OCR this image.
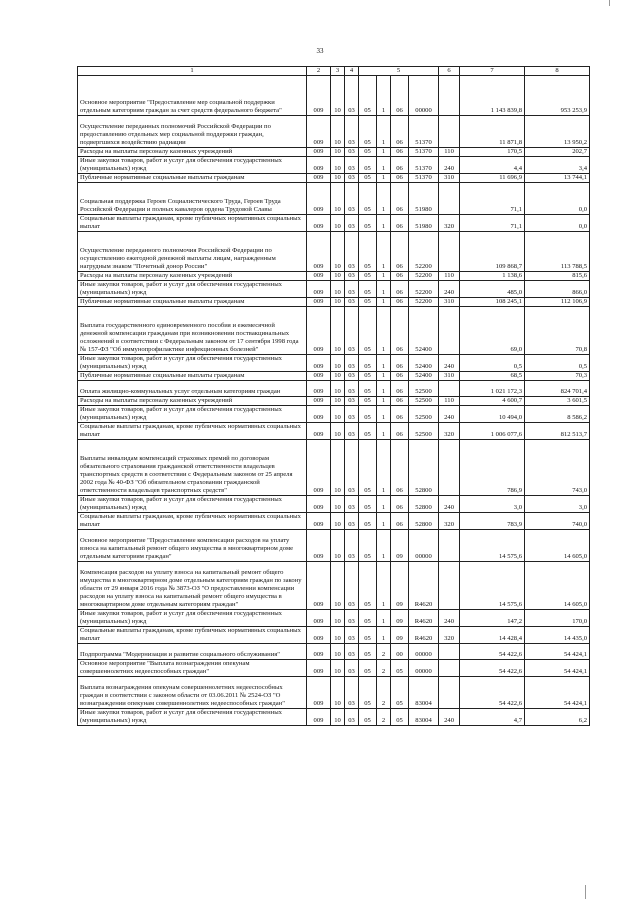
33
1	2	3	4	5				6	7	8
Основное мероприятие "Предоставление мер социальной поддержки отдельным категориям граждан за счет средств федерального бюджета"	009	10	03	05	1	06	00000		1 143 839,8	953 253,9
Осуществление переданных полномочий Российской Федерации по предоставлению отдельных мер социальной поддержки граждан, подвергшихся воздействию радиации	009	10	03	05	1	06	51370		11 871,8	13 950,2
Расходы на выплаты персоналу казенных учреждений	009	10	03	05	1	06	51370	110	170,5	202,7
Иные закупки товаров, работ и услуг для обеспечения государственных (муниципальных) нужд	009	10	03	05	1	06	51370	240	4,4	3,4
Публичные нормативные социальные выплаты гражданам	009	10	03	05	1	06	51370	310	11 696,9	13 744,1
Социальная поддержка Героев Социалистического Труда, Героев Труда Российской Федерации и полных кавалеров ордена Трудовой Славы	009	10	03	05	1	06	51980		71,1	0,0
Социальные выплаты гражданам, кроме публичных нормативных социальных выплат	009	10	03	05	1	06	51980	320	71,1	0,0
Осуществление переданного полномочия Российской Федерации по осуществлению ежегодной денежной выплаты лицам, награжденным нагрудным знаком "Почетный донор России"	009	10	03	05	1	06	52200		109 868,7	113 788,5
Расходы на выплаты персоналу казенных учреждений	009	10	03	05	1	06	52200	110	1 138,6	815,6
Иные закупки товаров, работ и услуг для обеспечения государственных (муниципальных) нужд	009	10	03	05	1	06	52200	240	485,0	866,0
Публичные нормативные социальные выплаты гражданам	009	10	03	05	1	06	52200	310	108 245,1	112 106,9
Выплата государственного единовременного пособия и ежемесячной денежной компенсации гражданам при возникновении поствакцинальных осложнений в соответствии с Федеральным законом от 17 сентября 1998 года № 157-ФЗ "Об иммунопрофилактике инфекционных болезней"	009	10	03	05	1	06	52400		69,0	70,8
Иные закупки товаров, работ и услуг для обеспечения государственных (муниципальных) нужд	009	10	03	05	1	06	52400	240	0,5	0,5
Публичные нормативные социальные выплаты гражданам	009	10	03	05	1	06	52400	310	68,5	70,3
Оплата жилищно-коммунальных услуг отдельным категориям граждан	009	10	03	05	1	06	52500		1 021 172,3	824 701,4
Расходы на выплаты персоналу казенных учреждений	009	10	03	05	1	06	52500	110	4 600,7	3 601,5
Иные закупки товаров, работ и услуг для обеспечения государственных (муниципальных) нужд	009	10	03	05	1	06	52500	240	10 494,0	8 586,2
Социальные выплаты гражданам, кроме публичных нормативных социальных выплат	009	10	03	05	1	06	52500	320	1 006 077,6	812 513,7
Выплаты инвалидам компенсаций страховых премий по договорам обязательного страхования гражданской ответственности владельцев транспортных средств в соответствии с Федеральным законом от 25 апреля 2002 года № 40-ФЗ "Об обязательном страховании гражданской ответственности владельцев транспортных средств"	009	10	03	05	1	06	52800		786,9	743,0
Иные закупки товаров, работ и услуг для обеспечения государственных (муниципальных) нужд	009	10	03	05	1	06	52800	240	3,0	3,0
Социальные выплаты гражданам, кроме публичных нормативных социальных выплат	009	10	03	05	1	06	52800	320	783,9	740,0
Основное мероприятие "Предоставление компенсации расходов на уплату взноса на капитальный ремонт общего имущества в многоквартирном доме отдельным категориям граждан"	009	10	03	05	1	09	00000		14 575,6	14 605,0
Компенсация расходов на уплату взноса на капитальный ремонт общего имущества в многоквартирном доме отдельным категориям граждан по закону области от 29 января 2016 года № 3873-ОЗ "О предоставлении компенсации расходов на уплату взноса на капитальный ремонт общего имущества в многоквартирном доме отдельным категориям граждан"	009	10	03	05	1	09	R4620		14 575,6	14 605,0
Иные закупки товаров, работ и услуг для обеспечения государственных (муниципальных) нужд	009	10	03	05	1	09	R4620	240	147,2	170,0
Социальные выплаты гражданам, кроме публичных нормативных социальных выплат	009	10	03	05	1	09	R4620	320	14 428,4	14 435,0
Подпрограмма "Модернизация и развитие социального обслуживания"	009	10	03	05	2	00	00000		54 422,6	54 424,1
Основное мероприятие "Выплата вознаграждения опекунам совершеннолетних недееспособных граждан"	009	10	03	05	2	05	00000		54 422,6	54 424,1
Выплата вознаграждения опекунам совершеннолетних недееспособных граждан в соответствии с законом области от 03.06.2011 № 2524-ОЗ "О вознаграждении опекунам совершеннолетних недееспособных граждан"	009	10	03	05	2	05	83004		54 422,6	54 424,1
Иные закупки товаров, работ и услуг для обеспечения государственных (муниципальных) нужд	009	10	03	05	2	05	83004	240	4,7	6,2
